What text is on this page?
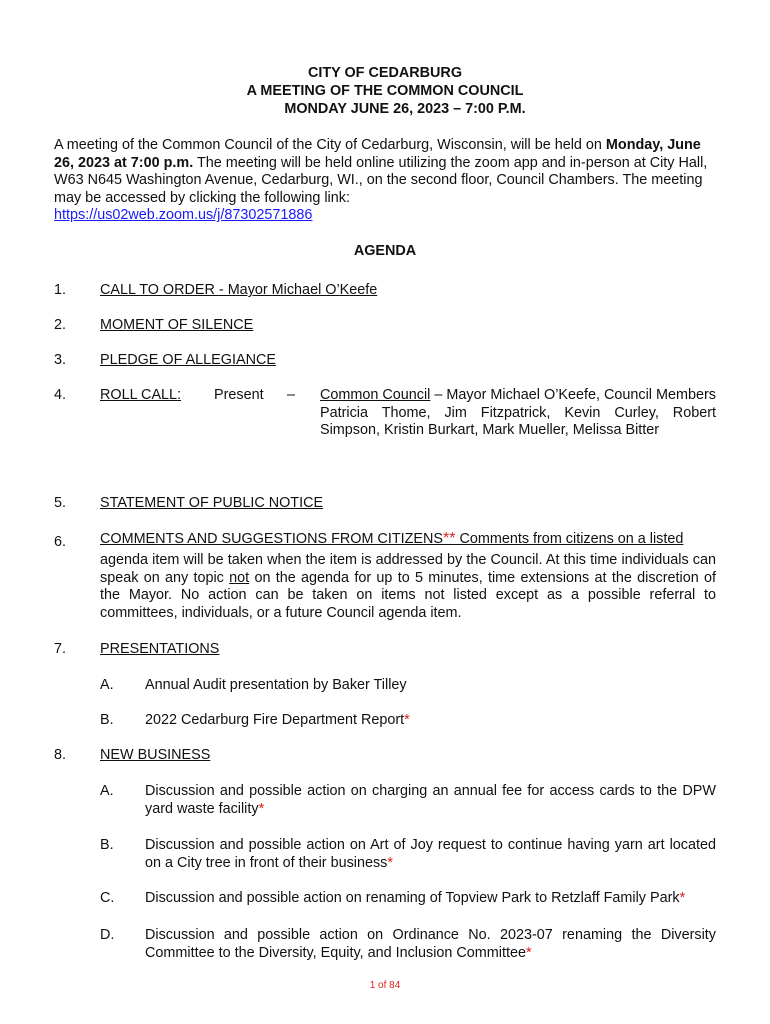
CITY OF CEDARBURG
A MEETING OF THE COMMON COUNCIL
MONDAY JUNE 26, 2023 – 7:00 P.M.
A meeting of the Common Council of the City of Cedarburg, Wisconsin, will be held on Monday, June 26, 2023 at 7:00 p.m. The meeting will be held online utilizing the zoom app and in-person at City Hall, W63 N645 Washington Avenue, Cedarburg, WI., on the second floor, Council Chambers. The meeting may be accessed by clicking the following link:
https://us02web.zoom.us/j/87302571886
AGENDA
1. CALL TO ORDER - Mayor Michael O’Keefe
2. MOMENT OF SILENCE
3. PLEDGE OF ALLEGIANCE
4. ROLL CALL: Present – Common Council – Mayor Michael O’Keefe, Council Members Patricia Thome, Jim Fitzpatrick, Kevin Curley, Robert Simpson, Kristin Burkart, Mark Mueller, Melissa Bitter
5. STATEMENT OF PUBLIC NOTICE
6. COMMENTS AND SUGGESTIONS FROM CITIZENS** Comments from citizens on a listed
agenda item will be taken when the item is addressed by the Council. At this time individuals can speak on any topic not on the agenda for up to 5 minutes, time extensions at the discretion of the Mayor. No action can be taken on items not listed except as a possible referral to committees, individuals, or a future Council agenda item.
7. PRESENTATIONS
A. Annual Audit presentation by Baker Tilley
B. 2022 Cedarburg Fire Department Report*
8. NEW BUSINESS
A. Discussion and possible action on charging an annual fee for access cards to the DPW yard waste facility*
B. Discussion and possible action on Art of Joy request to continue having yarn art located on a City tree in front of their business*
C. Discussion and possible action on renaming of Topview Park to Retzlaff Family Park*
D. Discussion and possible action on Ordinance No. 2023-07 renaming the Diversity Committee to the Diversity, Equity, and Inclusion Committee*
1 of 84
